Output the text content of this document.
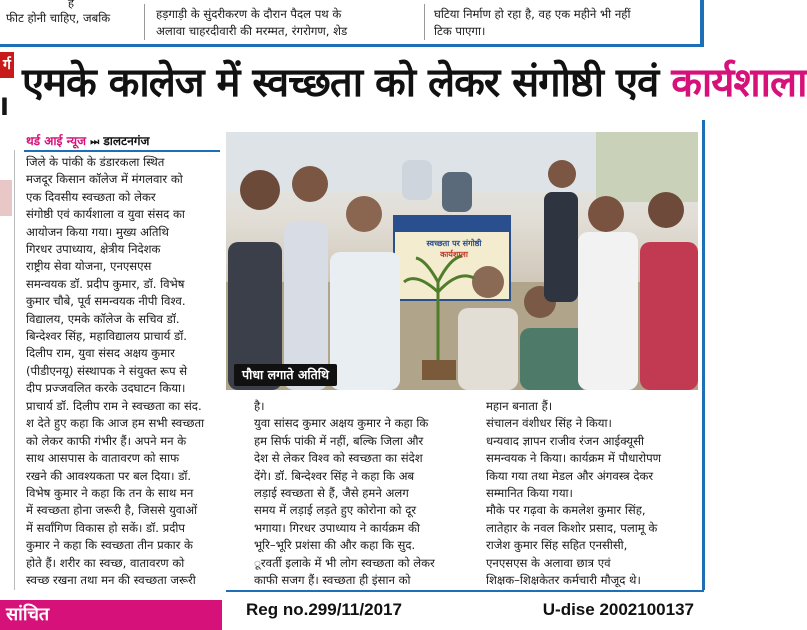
ह
फीट होनी चाहिए, जबकि	हड़गाड़ी के सुंदरीकरण के दौरान पैदल पथ के
अलावा चाहरदीवारी की मरम्मत, रंगरोगण, शेड
घटिया निर्माण हो रहा है, वह एक महीने भी नहीं
टिक पाएगा।
र्ग
I
एमके कालेज में स्वच्छता को लेकर संगोष्ठी एवं कार्यशाला
थर्ड आई न्यूज ⏭ डालटनगंज
जिले के पांकी के डंडारकला स्थित
मजदूर किसान कॉलेज में मंगलवार को
एक दिवसीय स्वच्छता को लेकर
संगोष्ठी एवं कार्यशाला व युवा संसद का
आयोजन किया गया। मुख्य अतिथि
गिरधर उपाध्याय, क्षेत्रीय निदेशक
राष्ट्रीय सेवा योजना, एनएसएस
समन्वयक डॉ. प्रदीप कुमार, डॉ. विभेष
कुमार चौबे, पूर्व समन्वयक नीपी विश्व.
विद्यालय, एमके कॉलेज के सचिव डॉ.
बिन्देश्वर सिंह, महाविद्यालय प्राचार्य डॉ.
दिलीप राम, युवा संसद अक्षय कुमार
(पीडीएनयू) संस्थापक ने संयुक्त रूप से
दीप प्रज्जवलित करके उदघाटन किया।
स्वच्छता पर संगोष्ठी
कार्यशाला
पौधा लगाते अतिथि
प्राचार्य डॉ. दिलीप राम ने स्वच्छता का संद.
श देते हुए कहा कि आज हम सभी स्वच्छता
को लेकर काफी गंभीर हैं। अपने मन के
साथ आसपास के वातावरण को साफ
रखने की आवश्यकता पर बल दिया। डॉ.
विभेष कुमार ने कहा कि तन के साथ मन
में स्वच्छता होना जरूरी है, जिससे युवाओं
में सर्वांगिण विकास हो सकें। डॉ. प्रदीप
कुमार ने कहा कि स्वच्छता तीन प्रकार के
होते हैं। शरीर का स्वच्छ, वातावरण को
स्वच्छ रखना तथा मन की स्वच्छता जरूरी
है।
युवा सांसद कुमार अक्षय कुमार ने कहा कि
हम सिर्फ पांकी में नहीं, बल्कि जिला और
देश से लेकर विश्व को स्वच्छता का संदेश
देंगे। डॉ. बिन्देश्वर सिंह ने कहा कि अब
लड़ाई स्वच्छता से हैं, जैसे हमने अलग
समय में लड़ाई लड़ते हुए कोरोना को दूर
भगाया। गिरधर उपाध्याय ने कार्यक्रम की
भूरि–भूरि प्रशंसा की और कहा कि सुद.
ूरवर्ती इलाके में भी लोग स्वच्छता को लेकर
काफी सजग हैं। स्वच्छता ही इंसान को
महान बनाता हैं।
संचालन वंशीधर सिंह ने किया।
धन्यवाद ज्ञापन राजीव रंजन आईक्यूसी
समन्वयक ने किया। कार्यक्रम में पौधारोपण
किया गया तथा मेडल और अंगवस्त्र देकर
सम्मानित किया गया।
मौके पर गढ़वा के कमलेश कुमार सिंह,
लातेहार के नवल किशोर प्रसाद, पलामू के
राजेश कुमार सिंह सहित एनसीसी,
एनएसएस के अलावा छात्र एवं
शिक्षक–शिक्षकेतर कर्मचारी मौजूद थे।
Reg no.299/11/2017	U-dise 2002100137
सांचित
